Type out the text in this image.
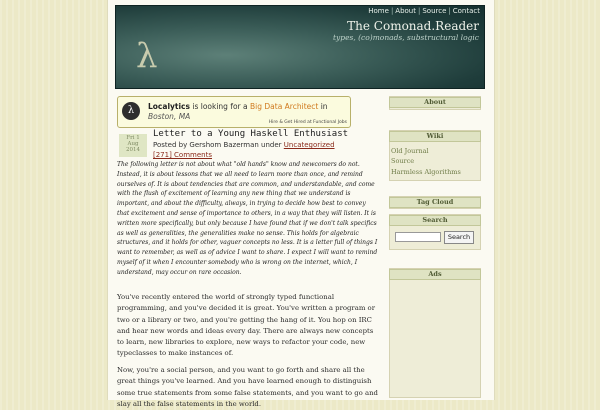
Home | About | Source | Contact
The Comonad.Reader
types, (co)monads, substructural logic
λ
λ	Localytics is looking for a Big Data Architect in
Boston, MA
Hire & Get Hired at Functional Jobs
Fri 1
Aug
2014
Letter to a Young Haskell Enthusiast
Posted by Gershom Bazerman under Uncategorized
[271] Comments

The following letter is not about what "old hands" know and newcomers do not. Instead, it is about lessons that we all need to learn more than once, and remind ourselves of. It is about tendencies that are common, and understandable, and come with the flush of excitement of learning any new thing that we understand is important, and about the difficulty, always, in trying to decide how best to convey that excitement and sense of importance to others, in a way that they will listen. It is written more specifically, but only because I have found that if we don't talk specifics as well as generalities, the generalities make no sense. This holds for algebraic structures, and it holds for other, vaguer concepts no less. It is a letter full of things I want to remember, as well as of advice I want to share. I expect I will want to remind myself of it when I encounter somebody who is wrong on the internet, which, I understand, may occur on rare occasion.

You've recently entered the world of strongly typed functional programming, and you've decided it is great. You've written a program or two or a library or two, and you're getting the hang of it. You hop on IRC and hear new words and ideas every day. There are always new concepts to learn, new libraries to explore, new ways to refactor your code, new typeclasses to make instances of.

Now, you're a social person, and you want to go forth and share all the great things you've learned. And you have learned enough to distinguish some true statements from some false statements, and you want to go and slay all the false statements in the world.

About
Wiki
Old Journal
Source
Harmless Algorithms
Tag Cloud
Search
Search
Ads
